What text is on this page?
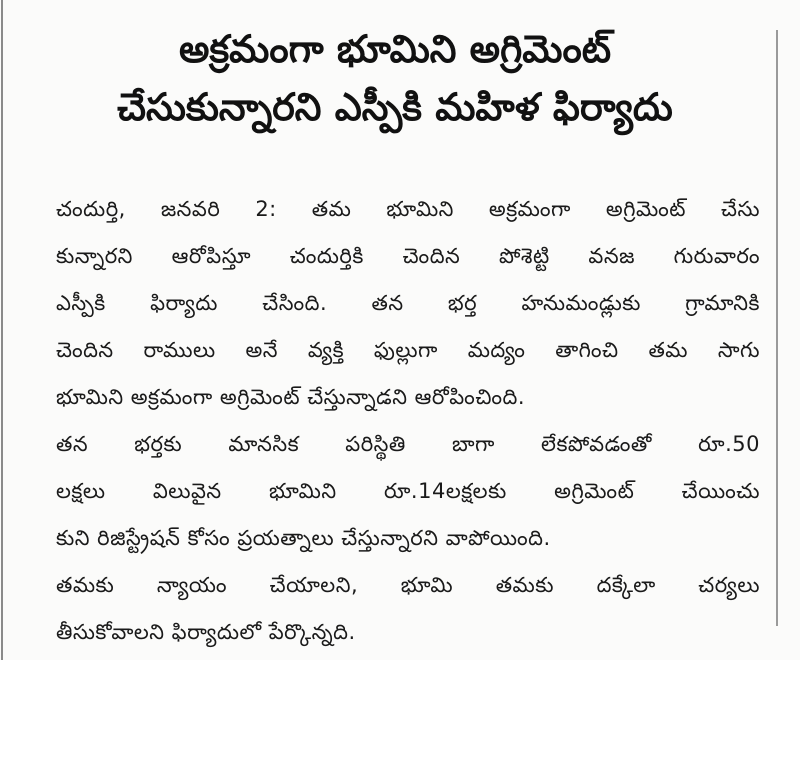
అక్రమంగా భూమిని అగ్రిమెంట్
చేసుకున్నారని ఎస్పీకి మహిళ ఫిర్యాదు
చందుర్తి, జనవరి 2: తమ భూమిని అక్రమంగా అగ్రిమెంట్ చేసు
కున్నారని ఆరోపిస్తూ చందుర్తికి చెందిన పోశెట్టి వనజ గురువారం
ఎస్పీకి ఫిర్యాదు చేసింది. తన భర్త హనుమండ్లుకు గ్రామానికి
చెందిన రాములు అనే వ్యక్తి ఫుల్లుగా మద్యం తాగించి తమ సాగు
భూమిని అక్రమంగా అగ్రిమెంట్ చేస్తున్నాడని ఆరోపించింది.
తన భర్తకు మానసిక పరిస్థితి బాగా లేకపోవడంతో రూ.50
లక్షలు విలువైన భూమిని రూ.14లక్షలకు అగ్రిమెంట్ చేయించు
కుని రిజిస్ట్రేషన్ కోసం ప్రయత్నాలు చేస్తున్నారని వాపోయింది.
తమకు న్యాయం చేయాలని, భూమి తమకు దక్కేలా చర్యలు
తీసుకోవాలని ఫిర్యాదులో పేర్కొన్నది.
